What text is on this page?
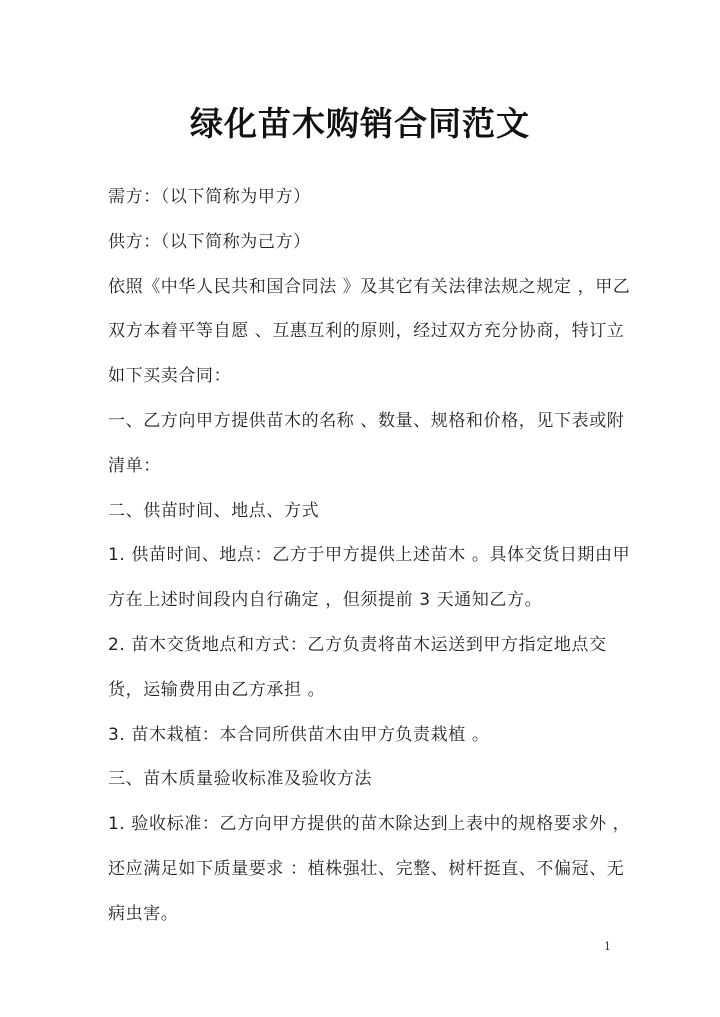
绿化苗木购销合同范文
需方：（以下简称为甲方）
供方：（以下简称为己方）
依照《中华人民共和国合同法 》及其它有关法律法规之规定 ，甲乙
双方本着平等自愿 、互惠互利的原则，经过双方充分协商，特订立
如下买卖合同：
一、乙方向甲方提供苗木的名称 、数量、规格和价格，见下表或附
清单：
二、供苗时间、地点、方式
1. 供苗时间、地点：乙方于甲方提供上述苗木 。具体交货日期由甲
方在上述时间段内自行确定 ，但须提前 3 天通知乙方。
2. 苗木交货地点和方式：乙方负责将苗木运送到甲方指定地点交
货，运输费用由乙方承担 。
3. 苗木栽植：本合同所供苗木由甲方负责栽植 。
三、苗木质量验收标准及验收方法
1. 验收标准：乙方向甲方提供的苗木除达到上表中的规格要求外 ，
还应满足如下质量要求 ：植株强壮、完整、树杆挺直、不偏冠、无
病虫害。
1
